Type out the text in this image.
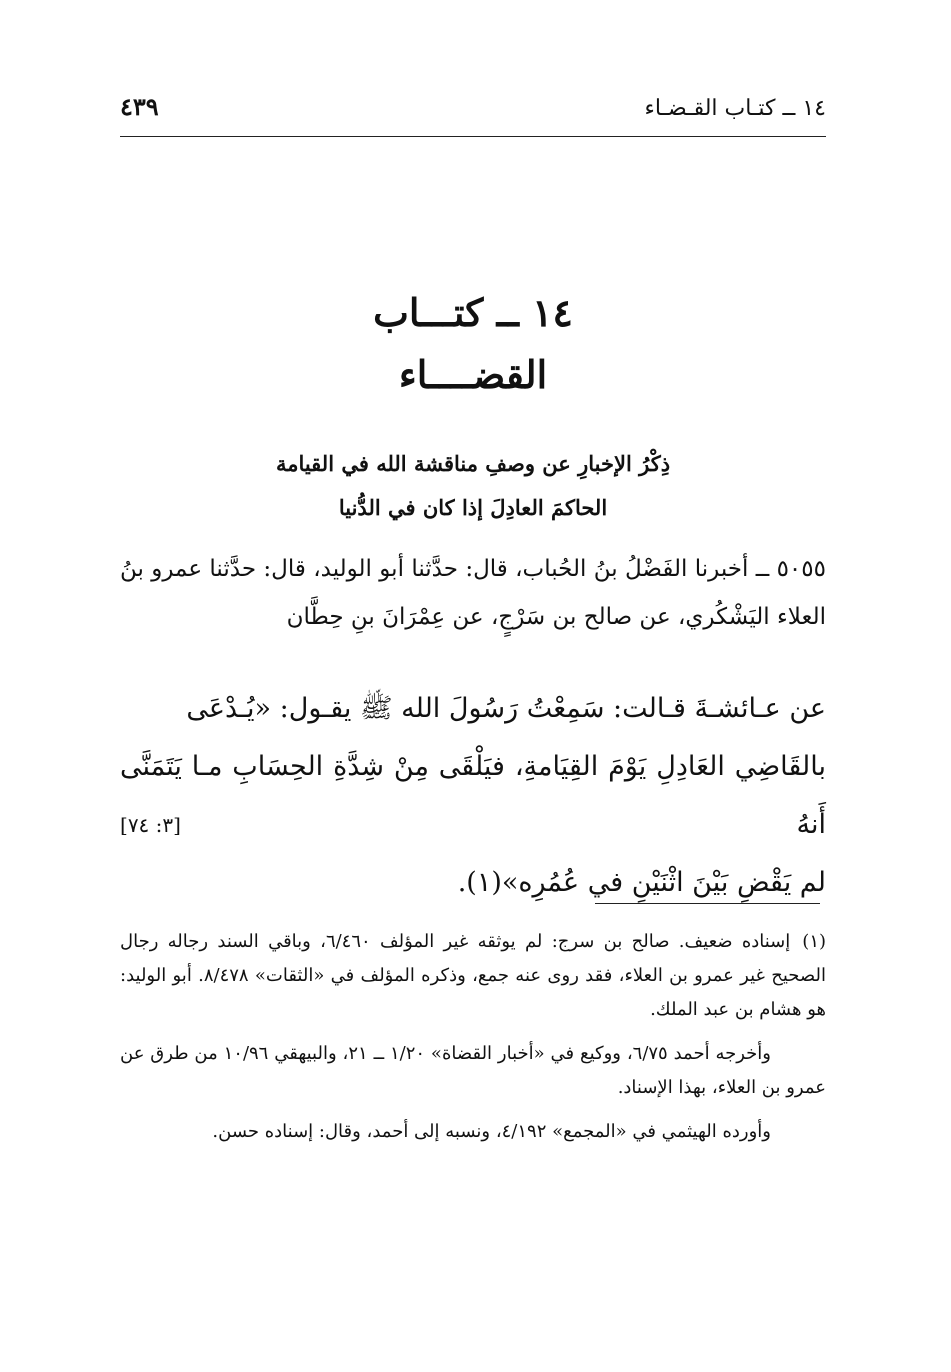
١٤ ــ كتـاب القـضـاء
٤٣٩
١٤ ــ كتـــاب
القضــــاء
ذِكْرُ الإخبارِ عن وصفِ مناقشة الله في القيامة
الحاكمَ العادِلَ إذا كان في الدُّنيا
٥٠٥٥ ــ أخبرنا الفَضْلُ بنُ الحُباب، قال: حدَّثنا أبو الوليد، قال: حدَّثنا عمرو بنُ العلاء اليَشْكُري، عن صالح بن سَرْجٍ، عن عِمْرَانَ بنِ حِطَّان
عن عـائشـةَ قـالت: سَمِعْتُ رَسُولَ الله ﷺ يقـول: «يُـدْعَى
بالقَاضِي العَادِلِ يَوْمَ القِيَامةِ، فيَلْقَى مِنْ شِدَّةِ الحِسَابِ مـا يَتَمَنَّى أَنهُ
لم يَقْضِ بَيْنَ اثْنَيْنِ في عُمُرِه»(١).
[٣: ٧٤]

(١)إسناده ضعيف. صالح بن سرج: لم يوثقه غير المؤلف ٦/٤٦٠، وباقي السند رجاله رجال الصحيح غير عمرو بن العلاء، فقد روى عنه جمع، وذكره المؤلف في «الثقات» ٨/٤٧٨. أبو الوليد: هو هشام بن عبد الملك.

وأخرجه أحمد ٦/٧٥، ووكيع في «أخبار القضاة» ١/٢٠ ــ ٢١، والبيهقي ١٠/٩٦ من طرق عن عمرو بن العلاء، بهذا الإسناد.

وأورده الهيثمي في «المجمع» ٤/١٩٢، ونسبه إلى أحمد، وقال: إسناده حسن.
